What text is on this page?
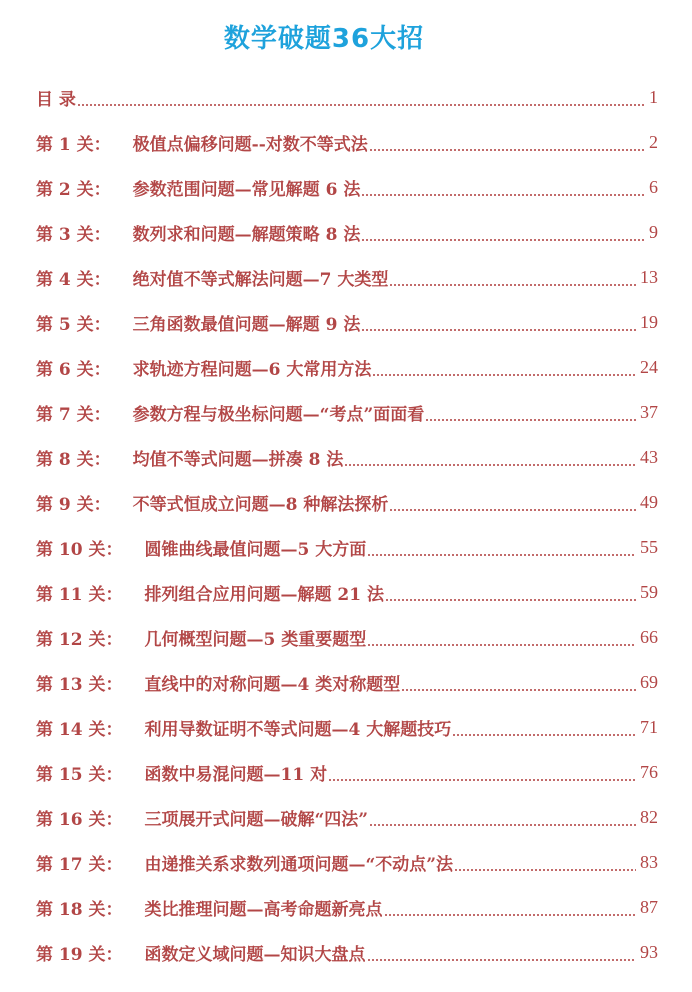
数学破题36大招
目 录	1
第 1 关： 极值点偏移问题--对数不等式法	2
第 2 关： 参数范围问题—常见解题 6 法	6
第 3 关： 数列求和问题—解题策略 8 法	9
第 4 关： 绝对值不等式解法问题—7 大类型	13
第 5 关： 三角函数最值问题—解题 9 法	19
第 6 关： 求轨迹方程问题—6 大常用方法	24
第 7 关： 参数方程与极坐标问题—“考点”面面看	37
第 8 关： 均值不等式问题—拼凑 8 法	43
第 9 关： 不等式恒成立问题—8 种解法探析	49
第 10 关： 圆锥曲线最值问题—5 大方面	55
第 11 关： 排列组合应用问题—解题 21 法	59
第 12 关： 几何概型问题—5 类重要题型	66
第 13 关： 直线中的对称问题—4 类对称题型	69
第 14 关： 利用导数证明不等式问题—4 大解题技巧	71
第 15 关： 函数中易混问题—11 对	76
第 16 关： 三项展开式问题—破解“四法”	82
第 17 关： 由递推关系求数列通项问题—“不动点”法	83
第 18 关： 类比推理问题—高考命题新亮点	87
第 19 关： 函数定义域问题—知识大盘点	93
